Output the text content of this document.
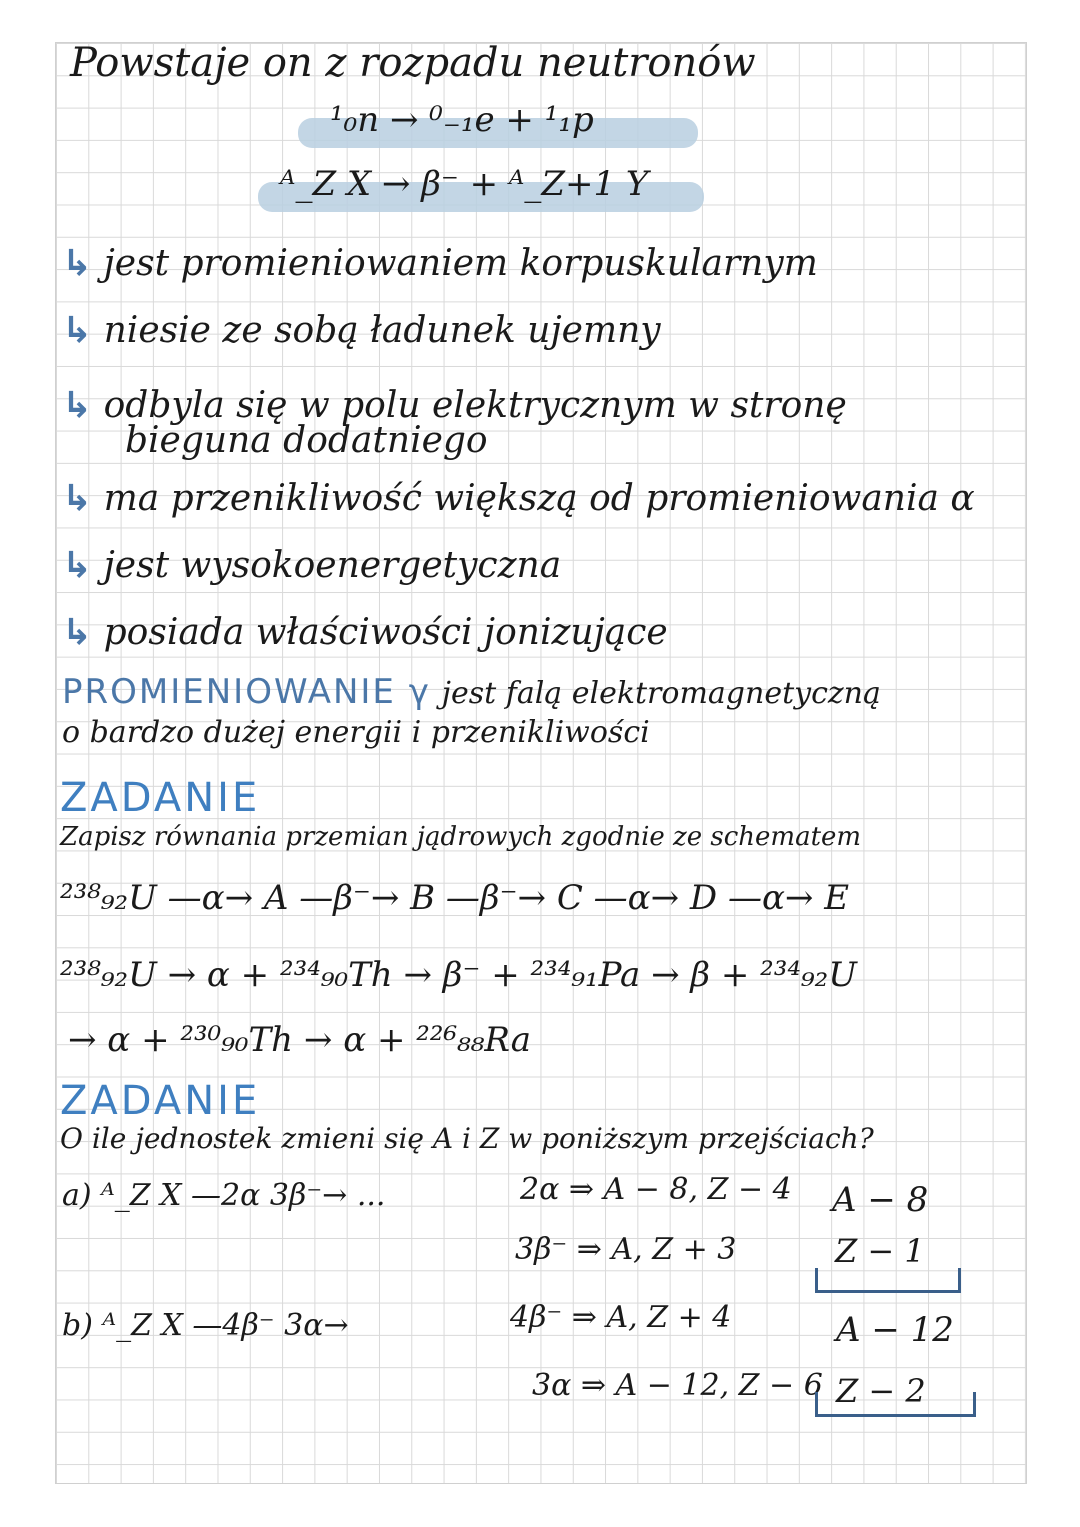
Powstaje on z rozpadu neutronów
¹₀n → ⁰₋₁e + ¹₁p
ᴬ_Z X → β⁻ + ᴬ_Z+1 Y
↳ jest promieniowaniem korpuskularnym
↳ niesie ze sobą ładunek ujemny
↳ odbyla się w polu elektrycznym w stronę
bieguna dodatniego
↳ ma przenikliwość większą od promieniowania α
↳ jest wysokoenergetyczna
↳ posiada właściwości jonizujące
PROMIENIOWANIE γ jest falą elektromagnetyczną
o bardzo dużej energii i przenikliwości
ZADANIE
Zapisz równania przemian jądrowych zgodnie ze schematem
²³⁸₉₂U —α→ A —β⁻→ B —β⁻→ C —α→ D —α→ E
²³⁸₉₂U → α + ²³⁴₉₀Th → β⁻ + ²³⁴₉₁Pa → β + ²³⁴₉₂U
→ α + ²³⁰₉₀Th → α + ²²⁶₈₈Ra
ZADANIE
O ile jednostek zmieni się A i Z w poniższym przejściach?
a) ᴬ_Z X —2α 3β⁻→ ...	2α ⇒ A − 8, Z − 4
3β⁻ ⇒ A, Z + 3
A − 8
Z − 1
b) ᴬ_Z X —4β⁻ 3α→	4β⁻ ⇒ A, Z + 4
3α ⇒ A − 12, Z − 6
A − 12
Z − 2
